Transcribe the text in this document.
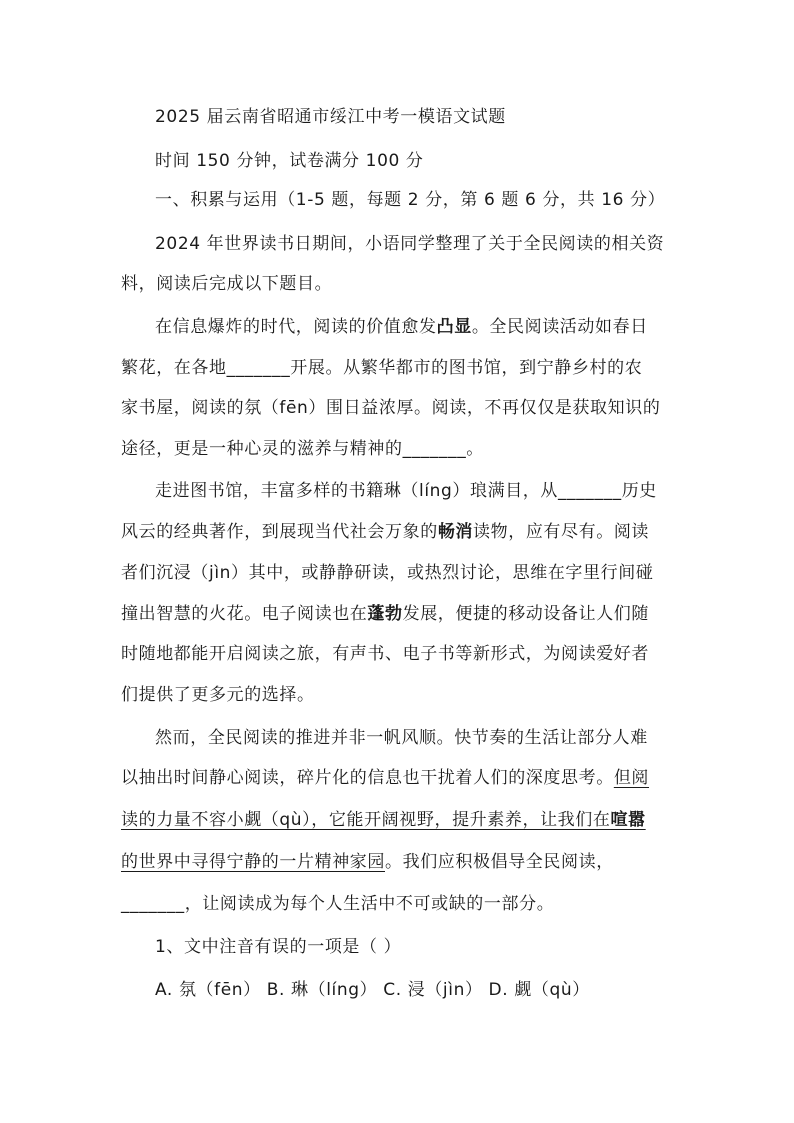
2025 届云南省昭通市绥江中考一模语文试题
时间 150 分钟，试卷满分 100 分
一、积累与运用（1-5 题，每题 2 分，第 6 题 6 分，共 16 分）
2024 年世界读书日期间，小语同学整理了关于全民阅读的相关资
料，阅读后完成以下题目。
在信息爆炸的时代，阅读的价值愈发凸显。全民阅读活动如春日
繁花，在各地_______开展。从繁华都市的图书馆，到宁静乡村的农
家书屋，阅读的氛（fēn）围日益浓厚。阅读，不再仅仅是获取知识的
途径，更是一种心灵的滋养与精神的_______。
走进图书馆，丰富多样的书籍琳（líng）琅满目，从_______历史
风云的经典著作，到展现当代社会万象的畅消读物，应有尽有。阅读
者们沉浸（jìn）其中，或静静研读，或热烈讨论，思维在字里行间碰
撞出智慧的火花。电子阅读也在蓬勃发展，便捷的移动设备让人们随
时随地都能开启阅读之旅，有声书、电子书等新形式，为阅读爱好者
们提供了更多元的选择。
然而，全民阅读的推进并非一帆风顺。快节奏的生活让部分人难
以抽出时间静心阅读，碎片化的信息也干扰着人们的深度思考。但阅
读的力量不容小觑（qù），它能开阔视野，提升素养，让我们在喧嚣
的世界中寻得宁静的一片精神家园。我们应积极倡导全民阅读，
_______，让阅读成为每个人生活中不可或缺的一部分。
1、文中注音有误的一项是（ ）
A. 氛（fēn） B. 琳（líng） C. 浸（jìn） D. 觑（qù）
